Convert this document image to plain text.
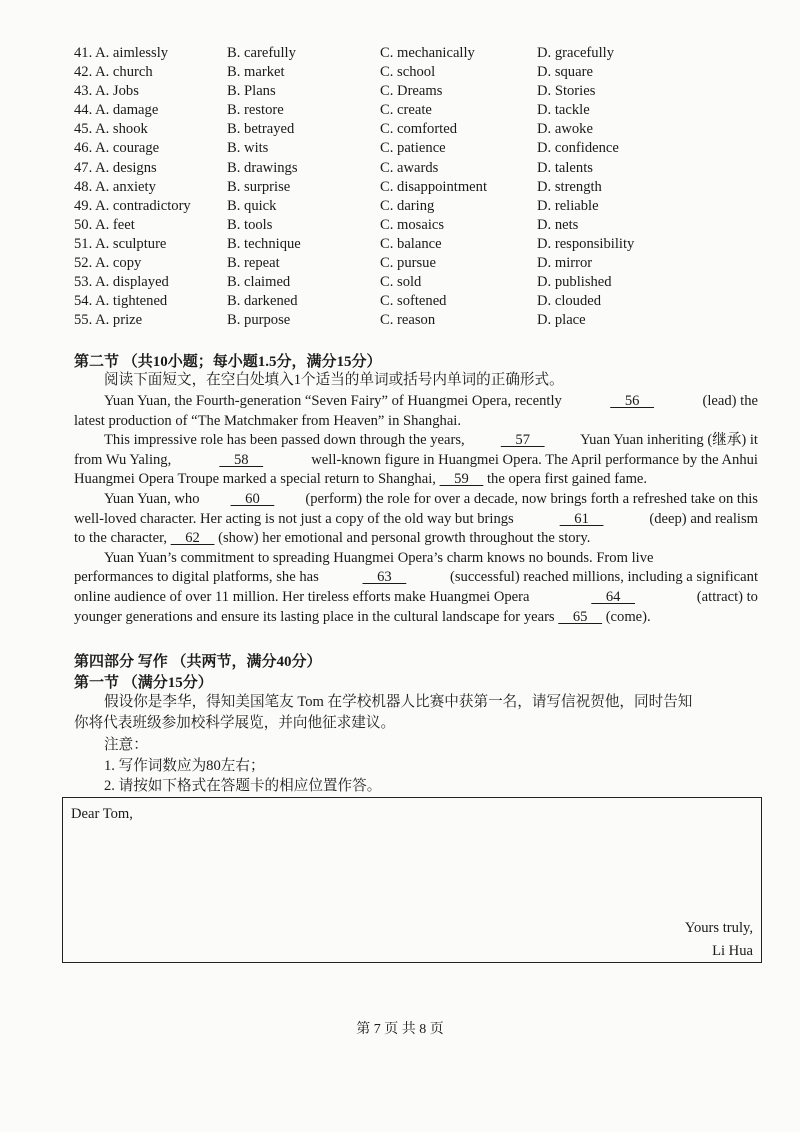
41. A. aimlessly	B. carefully	C. mechanically	D. gracefully
42. A. church	B. market	C. school	D. square
43. A. Jobs	B. Plans	C. Dreams	D. Stories
44. A. damage	B. restore	C. create	D. tackle
45. A. shook	B. betrayed	C. comforted	D. awoke
46. A. courage	B. wits	C. patience	D. confidence
47. A. designs	B. drawings	C. awards	D. talents
48. A. anxiety	B. surprise	C. disappointment	D. strength
49. A. contradictory	B. quick	C. daring	D. reliable
50. A. feet	B. tools	C. mosaics	D. nets
51. A. sculpture	B. technique	C. balance	D. responsibility
52. A. copy	B. repeat	C. pursue	D. mirror
53. A. displayed	B. claimed	C. sold	D. published
54. A. tightened	B. darkened	C. softened	D. clouded
55. A. prize	B. purpose	C. reason	D. place
第二节 （共10小题；每小题1.5分，满分15分）
阅读下面短文，在空白处填入1个适当的单词或括号内单词的正确形式。
Yuan Yuan, the Fourth-generation “Seven Fairy” of Huangmei Opera, recently	56	(lead) the
latest production of “The Matchmaker from Heaven” in Shanghai.
This impressive role has been passed down through the years, 57 Yuan Yuan inheriting (继承) it
from Wu Yaling,	58	well-known figure in Huangmei Opera. The April performance by the Anhui
Huangmei Opera Troupe marked a special return to Shanghai,     59     the opera first gained fame.
Yuan Yuan, who 60 (perform) the role for over a decade, now brings forth a refreshed take on this
well-loved character. Her acting is not just a copy of the old way but brings	61	(deep) and realism
to the character,     62     (show) her emotional and personal growth throughout the story.
Yuan Yuan’s commitment to spreading Huangmei Opera’s charm knows no bounds. From live
performances to digital platforms, she has	63	(successful) reached millions, including a significant
online audience of over 11 million. Her tireless efforts make Huangmei Opera	64	(attract) to
younger generations and ensure its lasting place in the cultural landscape for years     65     (come).
第四部分 写作 （共两节，满分40分）
第一节 （满分15分）
假设你是李华，得知美国笔友 Tom 在学校机器人比赛中获第一名，请写信祝贺他，同时告知
你将代表班级参加校科学展览，并向他征求建议。
注意：
1. 写作词数应为80左右；
2. 请按如下格式在答题卡的相应位置作答。
Dear Tom,
Yours truly,
Li Hua
第 7 页 共 8 页
